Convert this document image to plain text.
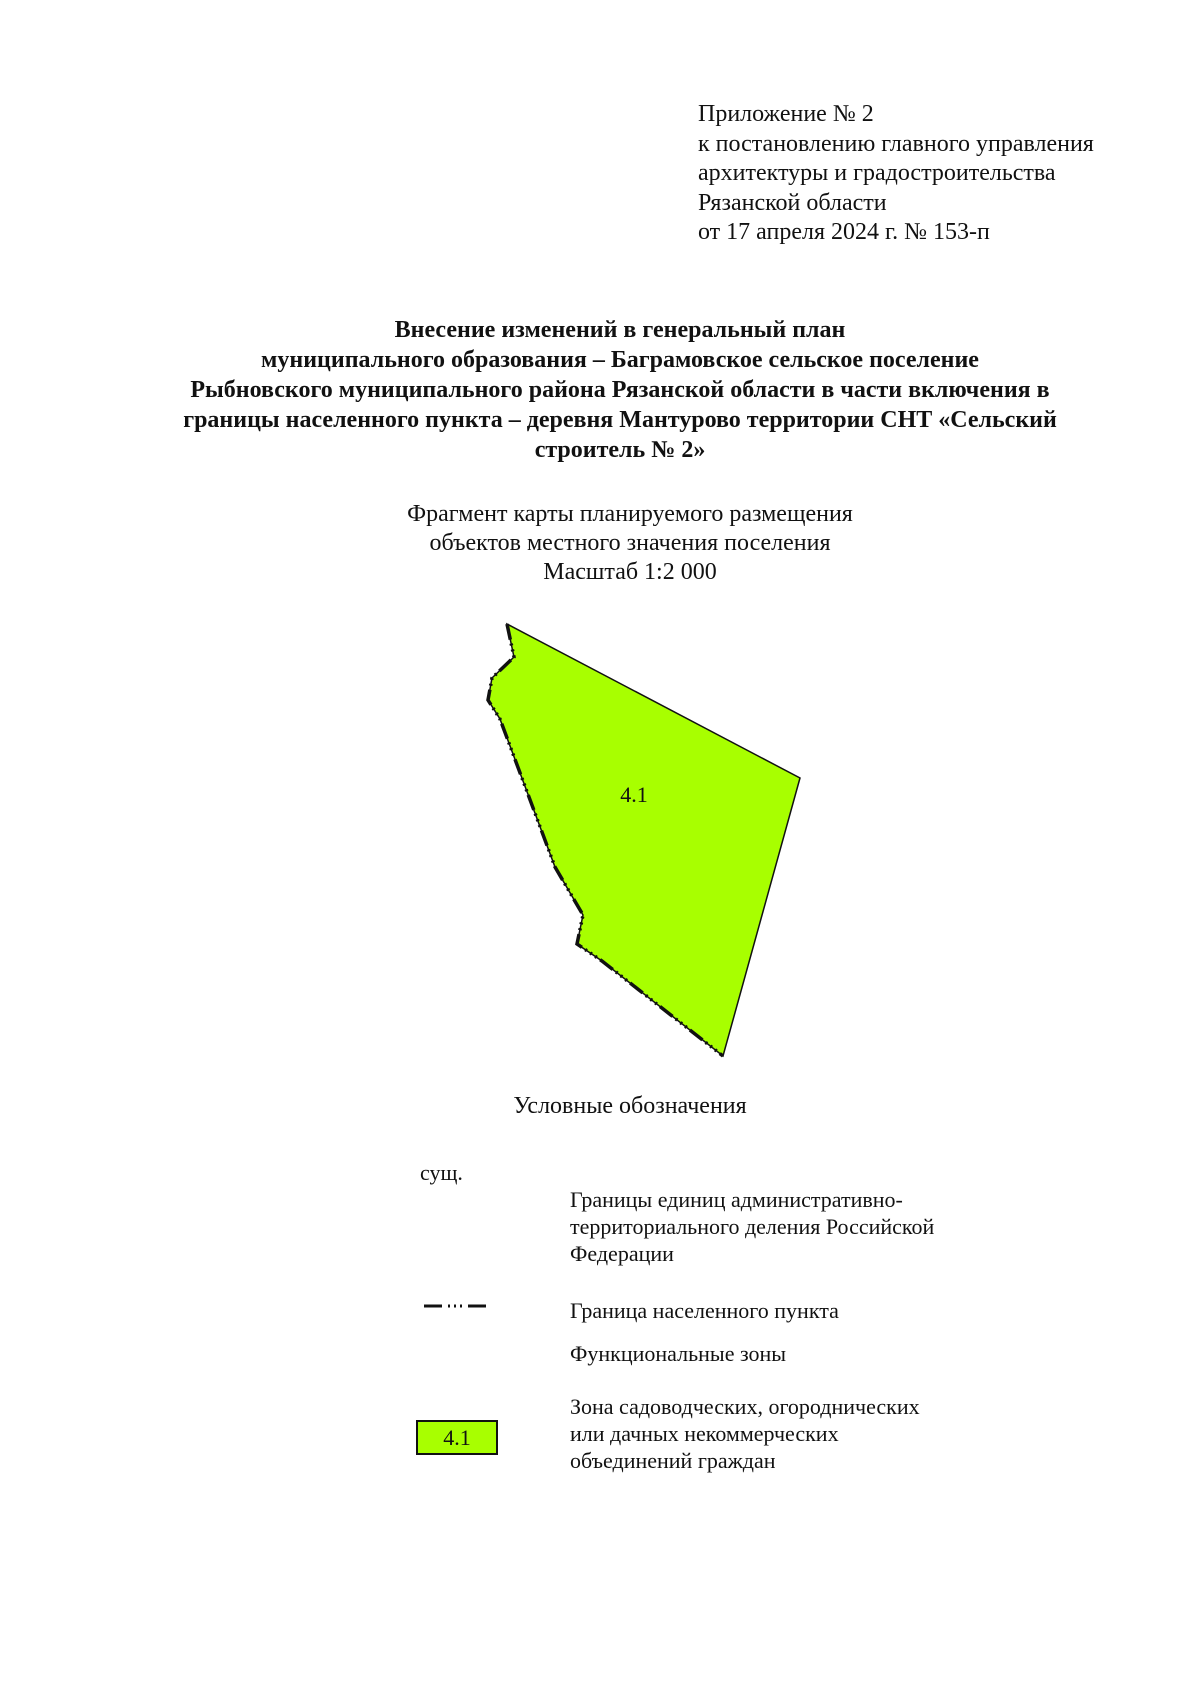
Приложение № 2
к постановлению главного управления
архитектуры и градостроительства
Рязанской области
от 17 апреля 2024 г. № 153-п
Внесение изменений в генеральный план
муниципального образования – Баграмовское сельское поселение
Рыбновского муниципального района Рязанской области в части включения в
границы населенного пункта – деревня Мантурово территории СНТ «Сельский
строитель № 2»
Фрагмент карты планируемого размещения
объектов местного значения поселения
Масштаб 1:2 000
4.1
Условные обозначения
сущ.
Границы единиц административно-
территориального деления Российской
Федерации
Граница населенного пункта
Функциональные зоны
4.1
Зона садоводческих, огороднических
или дачных некоммерческих
объединений граждан
